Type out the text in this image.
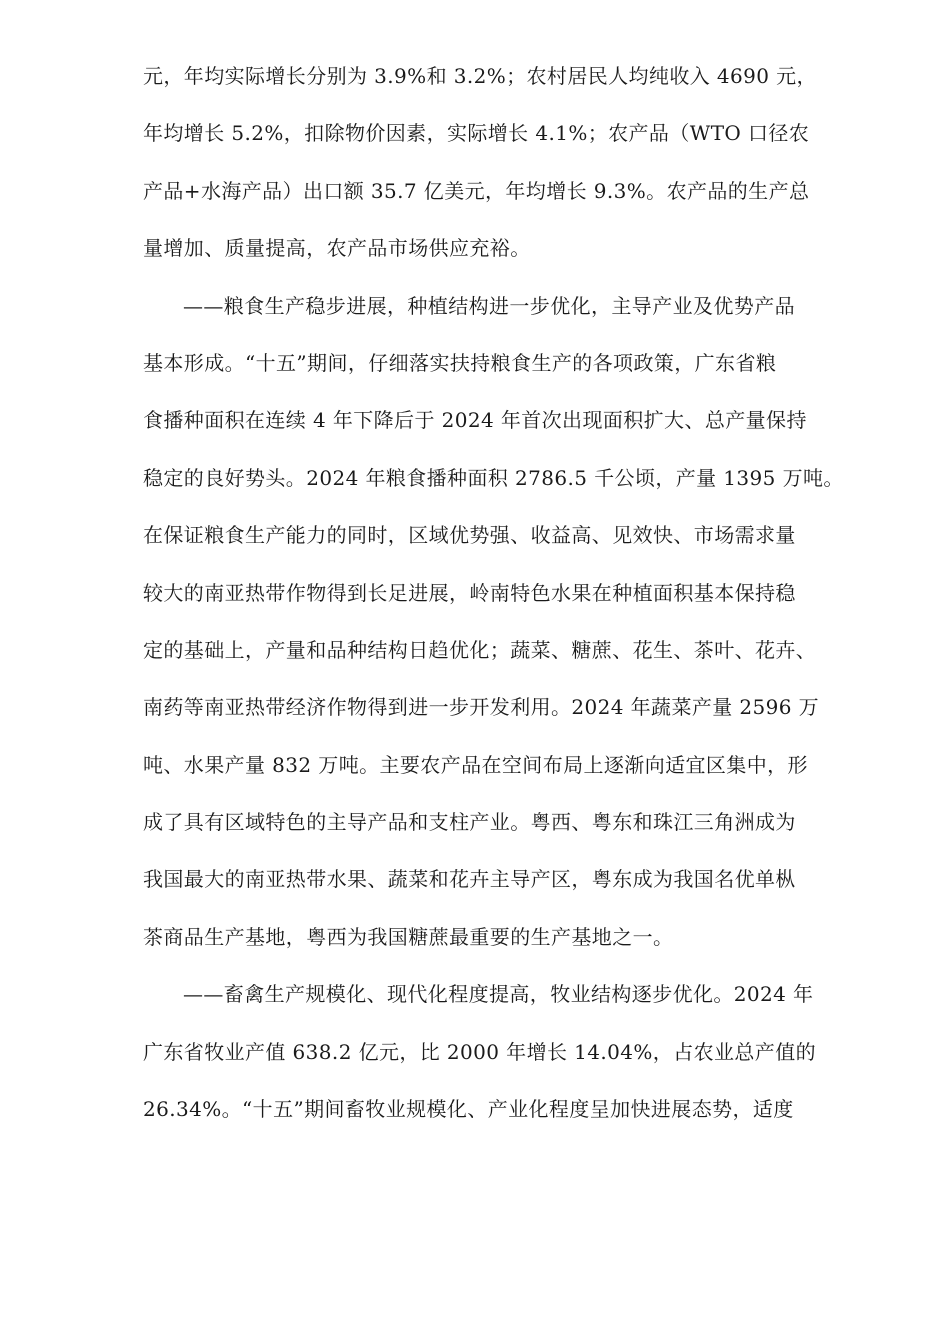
元，年均实际增长分别为 3.9%和 3.2%；农村居民人均纯收入 4690 元，
年均增长 5.2%，扣除物价因素，实际增长 4.1%；农产品（WTO 口径农
产品+水海产品）出口额 35.7 亿美元，年均增长 9.3%。农产品的生产总
量增加、质量提高，农产品市场供应充裕。
——粮食生产稳步进展，种植结构进一步优化，主导产业及优势产品
基本形成。“十五”期间，仔细落实扶持粮食生产的各项政策，广东省粮
食播种面积在连续 4 年下降后于 2024 年首次出现面积扩大、总产量保持
稳定的良好势头。2024 年粮食播种面积 2786.5 千公顷，产量 1395 万吨。
在保证粮食生产能力的同时，区域优势强、收益高、见效快、市场需求量
较大的南亚热带作物得到长足进展，岭南特色水果在种植面积基本保持稳
定的基础上，产量和品种结构日趋优化；蔬菜、糖蔗、花生、茶叶、花卉、
南药等南亚热带经济作物得到进一步开发利用。2024 年蔬菜产量 2596 万
吨、水果产量 832 万吨。主要农产品在空间布局上逐渐向适宜区集中，形
成了具有区域特色的主导产品和支柱产业。粤西、粤东和珠江三角洲成为
我国最大的南亚热带水果、蔬菜和花卉主导产区，粤东成为我国名优单枞
茶商品生产基地，粤西为我国糖蔗最重要的生产基地之一。
——畜禽生产规模化、现代化程度提高，牧业结构逐步优化。2024 年
广东省牧业产值 638.2 亿元，比 2000 年增长 14.04%，占农业总产值的
26.34%。“十五”期间畜牧业规模化、产业化程度呈加快进展态势，适度
